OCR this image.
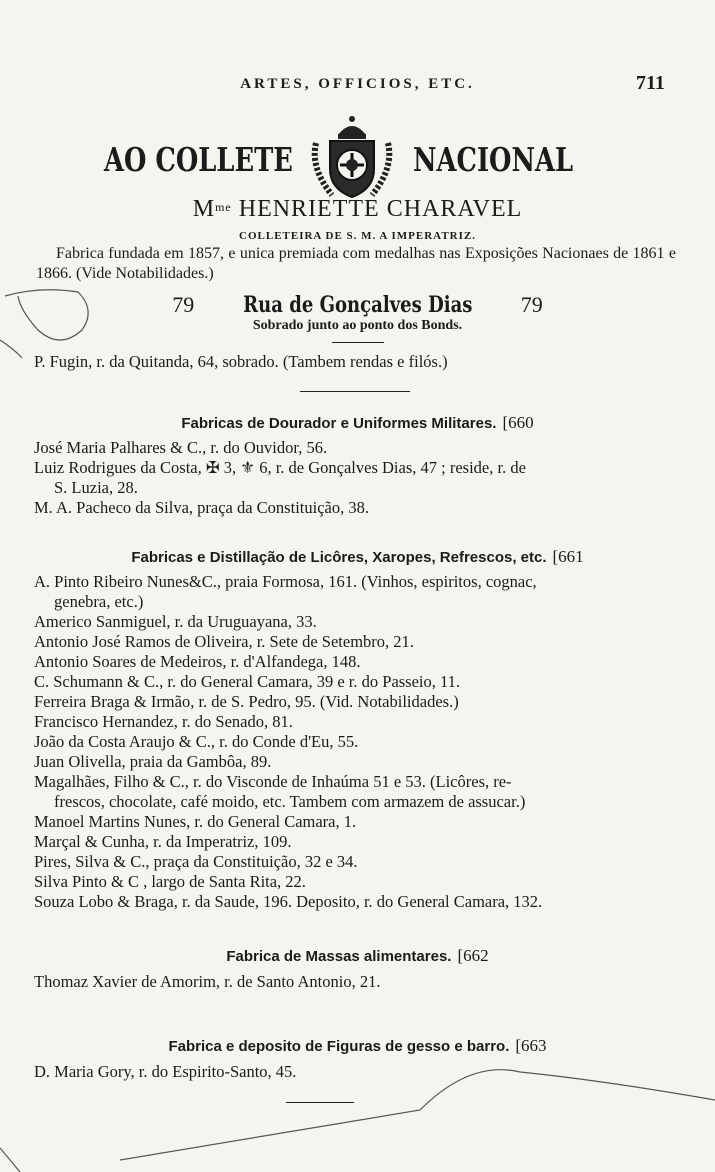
ARTES, OFFICIOS, ETC.	711
AO COLLETE	NACIONAL
$M^{me}$ HENRIETTE CHARAVEL
COLLETEIRA DE S. M. A IMPERATRIZ.
Fabrica fundada em 1857, e unica premiada com medalhas nas Exposições Nacionaes de 1861 e 1866. (Vide Notabilidades.)
79 Rua de Gonçalves Dias 79
Sobrado junto ao ponto dos Bonds.
P. Fugin, r. da Quitanda, 64, sobrado. (Tambem rendas e filós.)
Fabricas de Dourador e Uniformes Militares. [660
José Maria Palhares & C., r. do Ouvidor, 56.
Luiz Rodrigues da Costa, ✠ 3, ⚜ 6, r. de Gonçalves Dias, 47 ; reside, r. de
S. Luzia, 28.
M. A. Pacheco da Silva, praça da Constituição, 38.
Fabricas e Distillação de Licôres, Xaropes, Refrescos, etc. [661
A. Pinto Ribeiro Nunes&C., praia Formosa, 161. (Vinhos, espiritos, cognac,
genebra, etc.)
Americo Sanmiguel, r. da Uruguayana, 33.
Antonio José Ramos de Oliveira, r. Sete de Setembro, 21.
Antonio Soares de Medeiros, r. d'Alfandega, 148.
C. Schumann & C., r. do General Camara, 39 e r. do Passeio, 11.
Ferreira Braga & Irmão, r. de S. Pedro, 95. (Vid. Notabilidades.)
Francisco Hernandez, r. do Senado, 81.
João da Costa Araujo & C., r. do Conde d'Eu, 55.
Juan Olivella, praia da Gambôa, 89.
Magalhães, Filho & C., r. do Visconde de Inhaúma 51 e 53. (Licôres, re-
frescos, chocolate, café moido, etc. Tambem com armazem de assucar.)
Manoel Martins Nunes, r. do General Camara, 1.
Marçal & Cunha, r. da Imperatriz, 109.
Pires, Silva & C., praça da Constituição, 32 e 34.
Silva Pinto & C , largo de Santa Rita, 22.
Souza Lobo & Braga, r. da Saude, 196. Deposito, r. do General Camara, 132.
Fabrica de Massas alimentares. [662
Thomaz Xavier de Amorim, r. de Santo Antonio, 21.
Fabrica e deposito de Figuras de gesso e barro. [663
D. Maria Gory, r. do Espirito-Santo, 45.
